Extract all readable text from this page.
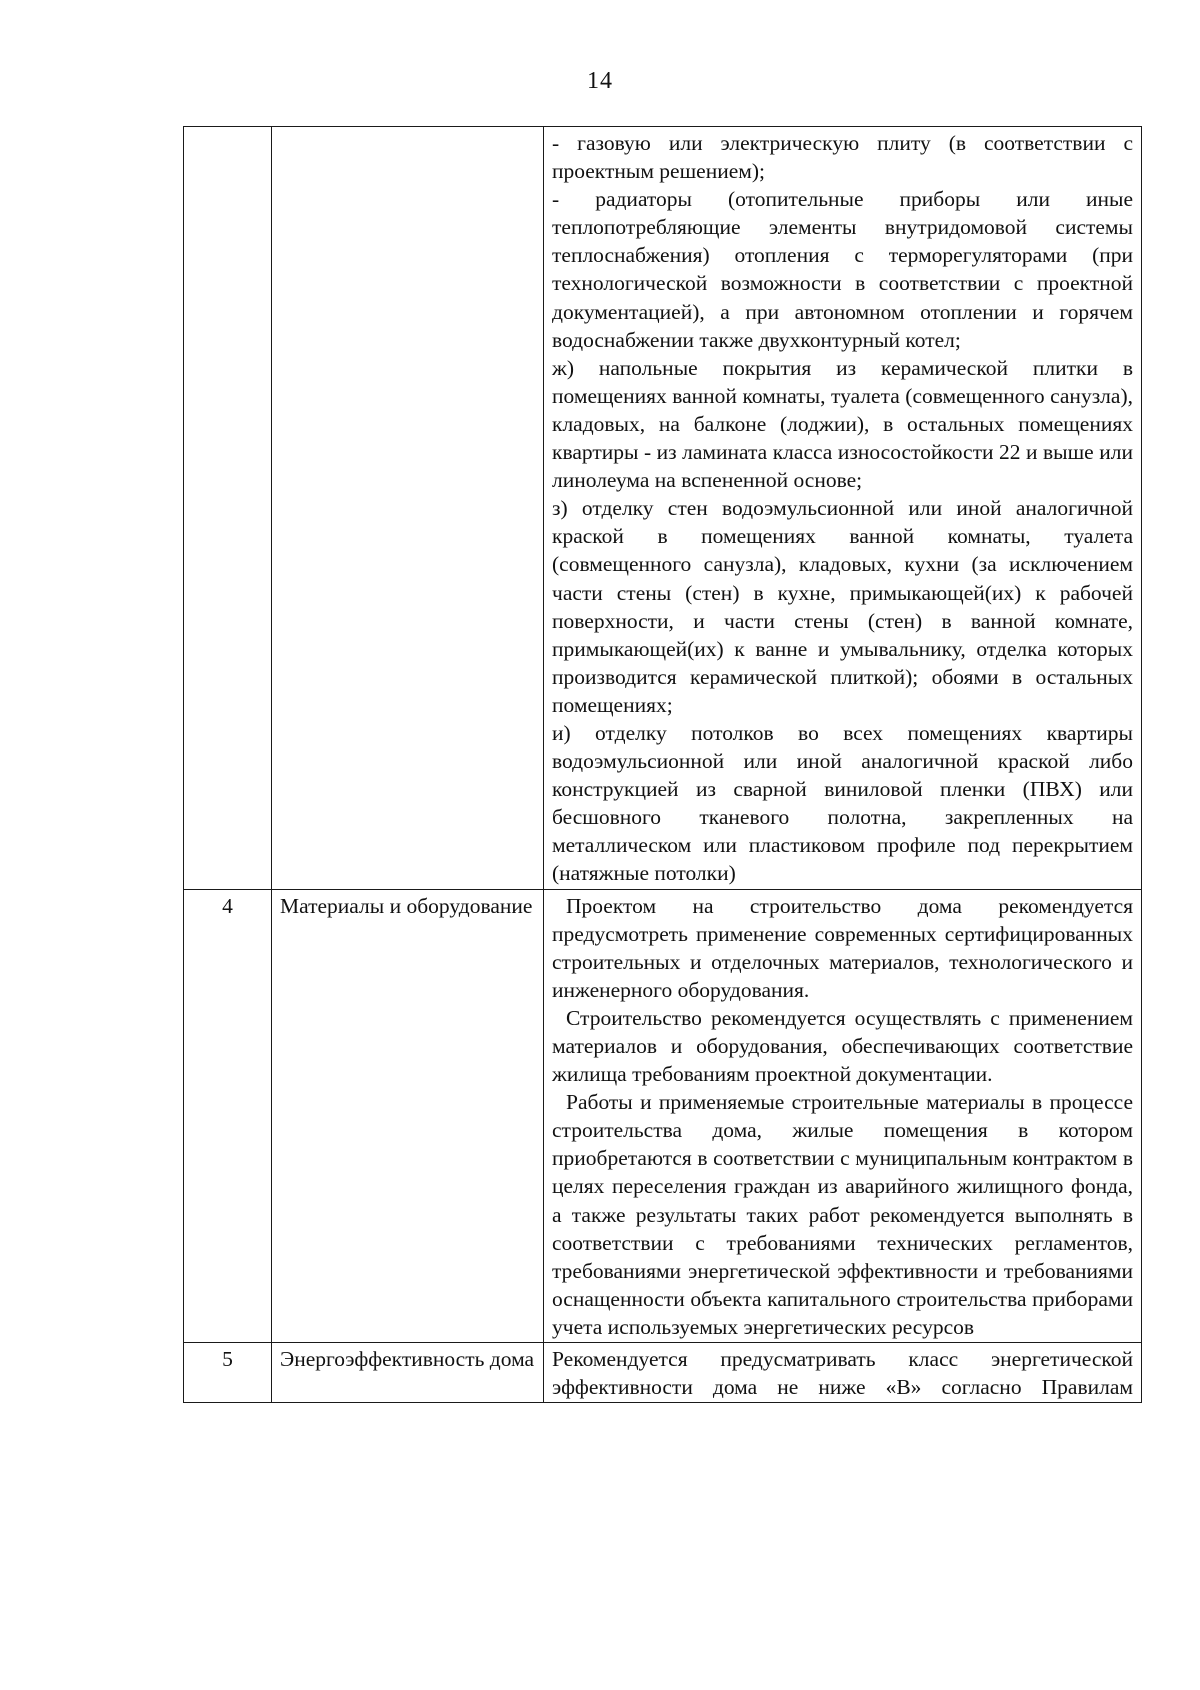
14

		- газовую или электрическую плиту (в соответствии с проектным решением);

- радиаторы (отопительные приборы или иные теплопотребляющие элементы внутридомовой системы теплоснабжения) отопления с терморегуляторами (при технологической возможности в соответствии с проектной документацией), а при автономном отоплении и горячем водоснабжении также двухконтурный котел;

ж) напольные покрытия из керамической плитки в помещениях ванной комнаты, туалета (совмещенного санузла), кладовых, на балконе (лоджии), в остальных помещениях квартиры - из ламината класса износостойкости 22 и выше или линолеума на вспененной основе;

з) отделку стен водоэмульсионной или иной аналогичной краской в помещениях ванной комнаты, туалета (совмещенного санузла), кладовых, кухни (за исключением части стены (стен) в кухне, примыкающей(их) к рабочей поверхности, и части стены (стен) в ванной комнате, примыкающей(их) к ванне и умывальнику, отделка которых производится керамической плиткой); обоями в остальных помещениях;

и) отделку потолков во всех помещениях квартиры водоэмульсионной или иной аналогичной краской либо конструкцией из сварной виниловой пленки (ПВХ) или бесшовного тканевого полотна, закрепленных на металлическом или пластиковом профиле под перекрытием (натяжные потолки)

4	Материалы и оборудование	Проектом на строительство дома рекомендуется предусмотреть применение современных сертифицированных строительных и отделочных материалов, технологического и инженерного оборудования.

Строительство рекомендуется осуществлять с применением материалов и оборудования, обеспечивающих соответствие жилища требованиям проектной документации.

Работы и применяемые строительные материалы в процессе строительства дома, жилые помещения в котором приобретаются в соответствии с муниципальным контрактом в целях переселения граждан из аварийного жилищного фонда, а также результаты таких работ рекомендуется выполнять в соответствии с требованиями технических регламентов, требованиями энергетической эффективности и требованиями оснащенности объекта капитального строительства приборами учета используемых энергетических ресурсов

5	Энергоэффективность дома	Рекомендуется предусматривать класс энергетической эффективности дома не ниже «В» согласно Правилам
